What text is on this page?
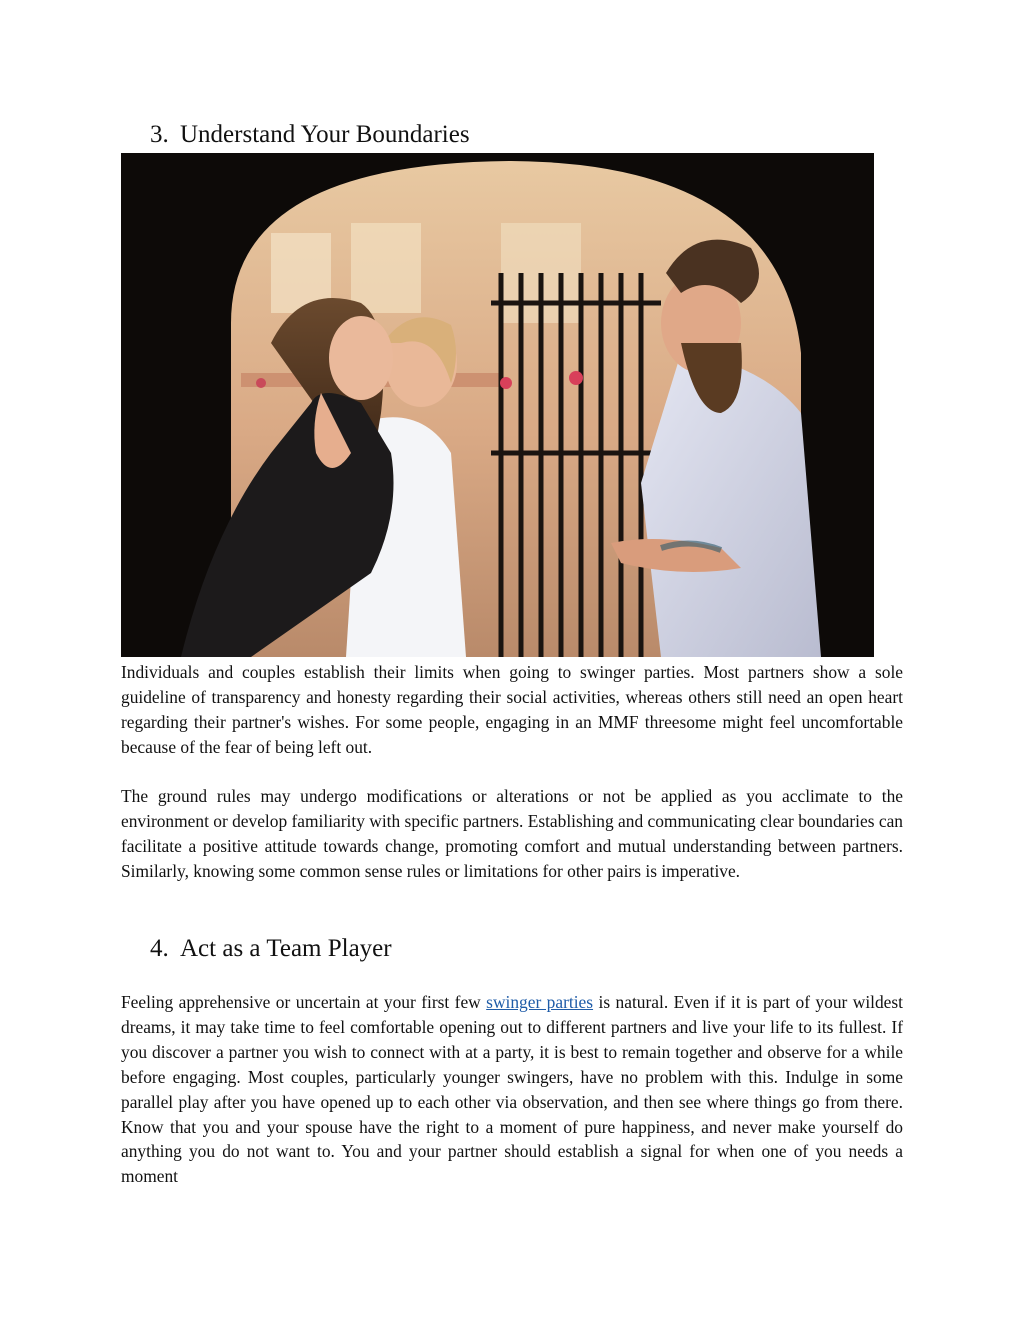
3. Understand Your Boundaries

Individuals and couples establish their limits when going to swinger parties. Most partners show a sole guideline of transparency and honesty regarding their social activities, whereas others still need an open heart regarding their partner's wishes. For some people, engaging in an MMF threesome might feel uncomfortable because of the fear of being left out.

The ground rules may undergo modifications or alterations or not be applied as you acclimate to the environment or develop familiarity with specific partners. Establishing and communicating clear boundaries can facilitate a positive attitude towards change, promoting comfort and mutual understanding between partners. Similarly, knowing some common sense rules or limitations for other pairs is imperative.

4. Act as a Team Player

Feeling apprehensive or uncertain at your first few swinger parties is natural. Even if it is part of your wildest dreams, it may take time to feel comfortable opening out to different partners and live your life to its fullest. If you discover a partner you wish to connect with at a party, it is best to remain together and observe for a while before engaging. Most couples, particularly younger swingers, have no problem with this. Indulge in some parallel play after you have opened up to each other via observation, and then see where things go from there. Know that you and your spouse have the right to a moment of pure happiness, and never make yourself do anything you do not want to. You and your partner should establish a signal for when one of you needs a moment
